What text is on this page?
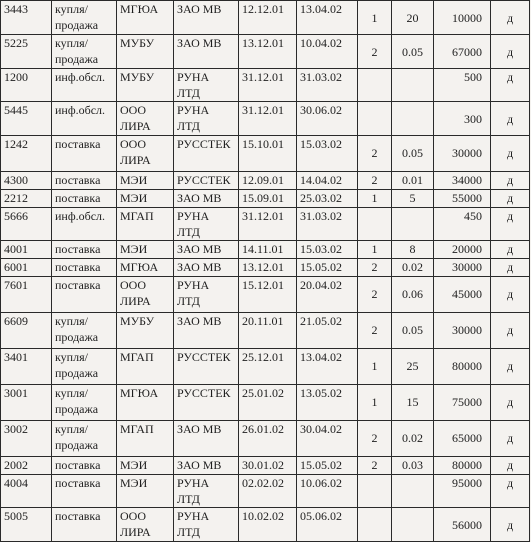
3443	купля/ продажа	МГЮА	ЗАО МВ	12.12.01	13.04.02	1	20	10000	д
5225	купля/ продажа	МУБУ	ЗАО МВ	13.12.01	10.04.02	2	0.05	67000	д
1200	инф.обсл.	МУБУ	РУНА ЛТД	31.12.01	31.03.02			500	д
5445	инф.обсл.	ООО ЛИРА	РУНА ЛТД	31.12.01	30.06.02			300	д
1242	поставка	ООО ЛИРА	РУССТЕК	15.10.01	15.03.02	2	0.05	30000	д
4300	поставка	МЭИ	РУССТЕК	12.09.01	14.04.02	2	0.01	34000	д
2212	поставка	МЭИ	ЗАО МВ	15.09.01	25.03.02	1	5	55000	д
5666	инф.обсл.	МГАП	РУНА ЛТД	31.12.01	31.03.02			450	д
4001	поставка	МЭИ	ЗАО МВ	14.11.01	15.03.02	1	8	20000	д
6001	поставка	МГЮА	ЗАО МВ	13.12.01	15.05.02	2	0.02	30000	д
7601	поставка	ООО ЛИРА	РУНА ЛТД	15.12.01	20.04.02	2	0.06	45000	д
6609	купля/ продажа	МУБУ	ЗАО МВ	20.11.01	21.05.02	2	0.05	30000	д
3401	купля/ продажа	МГАП	РУССТЕК	25.12.01	13.04.02	1	25	80000	д
3001	купля/ продажа	МГЮА	РУССТЕК	25.01.02	13.05.02	1	15	75000	д
3002	купля/ продажа	МГАП	ЗАО МВ	26.01.02	30.04.02	2	0.02	65000	д
2002	поставка	МЭИ	ЗАО МВ	30.01.02	15.05.02	2	0.03	80000	д
4004	поставка	МЭИ	РУНА ЛТД	02.02.02	10.06.02			95000	д
5005	поставка	ООО ЛИРА	РУНА ЛТД	10.02.02	05.06.02			56000	д
